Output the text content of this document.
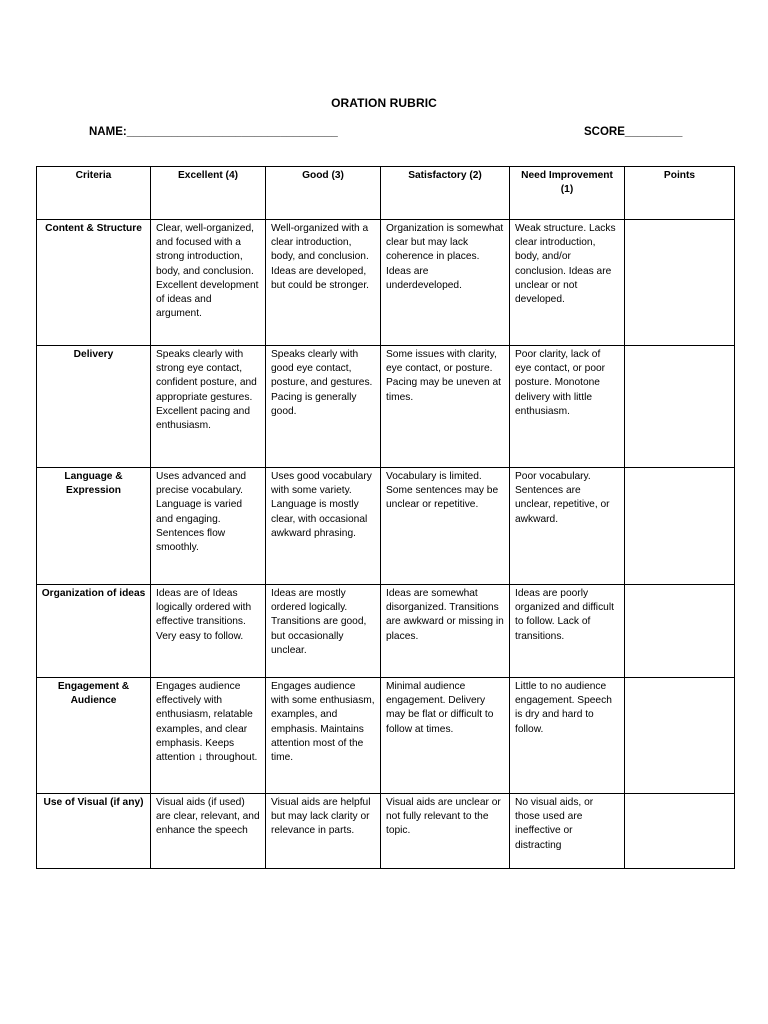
ORATION RUBRIC
NAME:_________________________________	SCORE_________
Criteria	Excellent (4)	Good (3)	Satisfactory (2)	Need Improvement (1)	Points
Content & Structure	Clear, well-organized, and focused with a strong introduction, body, and conclusion. Excellent development of ideas and argument.	Well-organized with a clear introduction, body, and conclusion. Ideas are developed, but could be stronger.	Organization is somewhat clear but may lack coherence in places. Ideas are underdeveloped.	Weak structure. Lacks clear introduction, body, and/or conclusion. Ideas are unclear or not developed.	
Delivery	Speaks clearly with strong eye contact, confident posture, and appropriate gestures. Excellent pacing and enthusiasm.	Speaks clearly with good eye contact, posture, and gestures. Pacing is generally good.	Some issues with clarity, eye contact, or posture. Pacing may be uneven at times.	Poor clarity, lack of eye contact, or poor posture. Monotone delivery with little enthusiasm.	
Language & Expression	Uses advanced and precise vocabulary. Language is varied and engaging. Sentences flow smoothly.	Uses good vocabulary with some variety. Language is mostly clear, with occasional awkward phrasing.	Vocabulary is limited. Some sentences may be unclear or repetitive.	Poor vocabulary. Sentences are unclear, repetitive, or awkward.	
Organization of ideas	Ideas are of Ideas logically ordered with effective transitions. Very easy to follow.	Ideas are mostly ordered logically. Transitions are good, but occasionally unclear.	Ideas are somewhat disorganized. Transitions are awkward or missing in places.	Ideas are poorly organized and difficult to follow. Lack of transitions.	
Engagement & Audience	Engages audience effectively with enthusiasm, relatable examples, and clear emphasis. Keeps attention ↓ throughout.	Engages audience with some enthusiasm, examples, and emphasis. Maintains attention most of the time.	Minimal audience engagement. Delivery may be flat or difficult to follow at times.	Little to no audience engagement. Speech is dry and hard to follow.	
Use of Visual (if any)	Visual aids (if used) are clear, relevant, and enhance the speech	Visual aids are helpful but may lack clarity or relevance in parts.	Visual aids are unclear or not fully relevant to the topic.	No visual aids, or those used are ineffective or distracting	
